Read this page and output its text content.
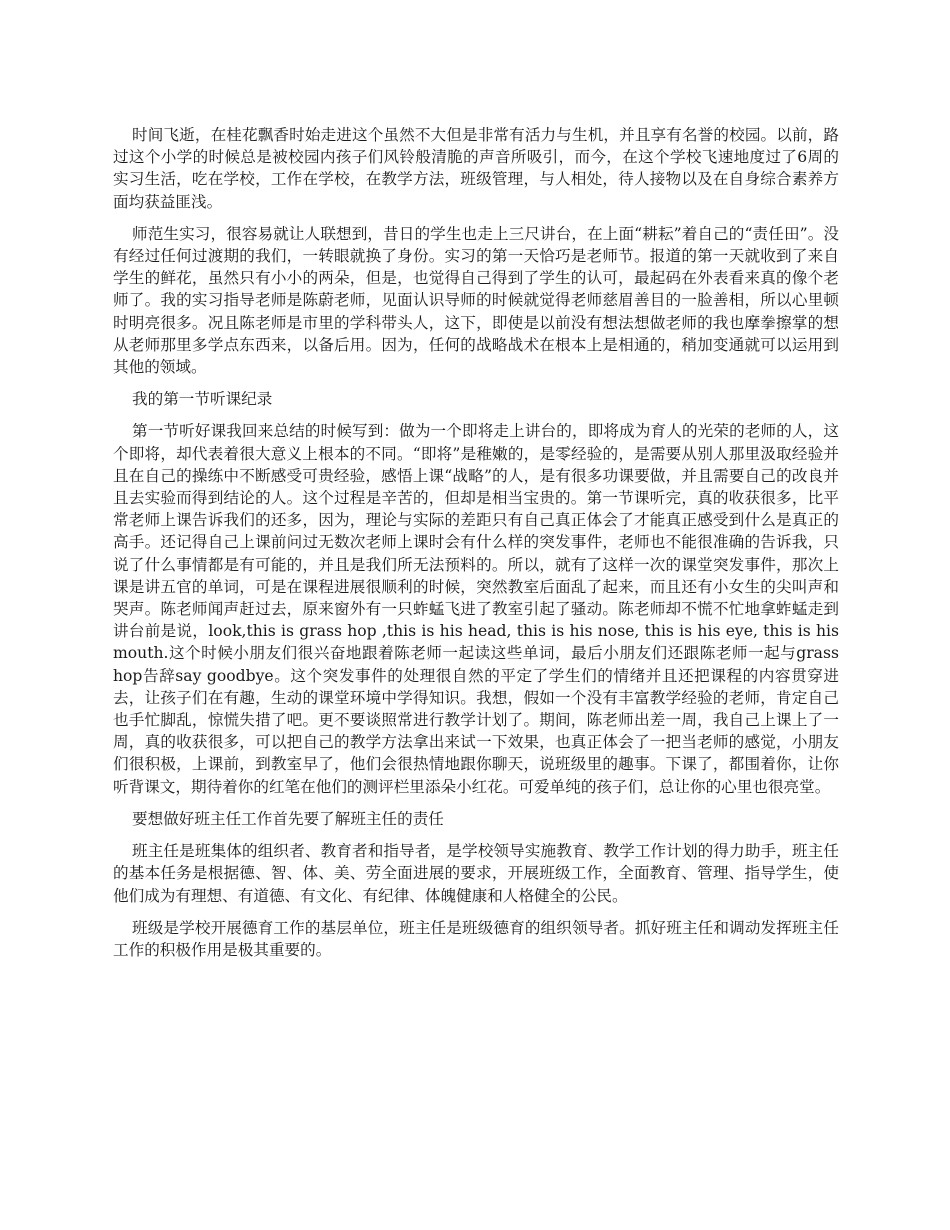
时间飞逝，在桂花飘香时始走进这个虽然不大但是非常有活力与生机，并且享有名誉的校园。以前，路过这个小学的时候总是被校园内孩子们风铃般清脆的声音所吸引，而今，在这个学校飞速地度过了6周的实习生活，吃在学校，工作在学校，在教学方法，班级管理，与人相处，待人接物以及在自身综合素养方面均获益匪浅。

师范生实习，很容易就让人联想到，昔日的学生也走上三尺讲台，在上面“耕耘”着自己的“责任田”。没有经过任何过渡期的我们，一转眼就换了身份。实习的第一天恰巧是老师节。报道的第一天就收到了来自学生的鲜花，虽然只有小小的两朵，但是，也觉得自己得到了学生的认可，最起码在外表看来真的像个老师了。我的实习指导老师是陈蔚老师，见面认识导师的时候就觉得老师慈眉善目的一脸善相，所以心里顿时明亮很多。况且陈老师是市里的学科带头人，这下，即使是以前没有想法想做老师的我也摩拳擦掌的想从老师那里多学点东西来，以备后用。因为，任何的战略战术在根本上是相通的，稍加变通就可以运用到其他的领域。

我的第一节听课纪录

第一节听好课我回来总结的时候写到：做为一个即将走上讲台的，即将成为育人的光荣的老师的人，这个即将，却代表着很大意义上根本的不同。“即将”是稚嫩的，是零经验的，是需要从别人那里汲取经验并且在自己的操练中不断感受可贵经验，感悟上课“战略”的人，是有很多功课要做，并且需要自己的改良并且去实验而得到结论的人。这个过程是辛苦的，但却是相当宝贵的。第一节课听完，真的收获很多，比平常老师上课告诉我们的还多，因为，理论与实际的差距只有自己真正体会了才能真正感受到什么是真正的高手。还记得自己上课前问过无数次老师上课时会有什么样的突发事件，老师也不能很准确的告诉我，只说了什么事情都是有可能的，并且是我们所无法预料的。所以，就有了这样一次的课堂突发事件，那次上课是讲五官的单词，可是在课程进展很顺利的时候，突然教室后面乱了起来，而且还有小女生的尖叫声和哭声。陈老师闻声赶过去，原来窗外有一只蚱蜢飞进了教室引起了骚动。陈老师却不慌不忙地拿蚱蜢走到讲台前是说，look,this is grass hop ,this is his head, this is his nose, this is his eye, this is his mouth.这个时候小朋友们很兴奋地跟着陈老师一起读这些单词，最后小朋友们还跟陈老师一起与grass hop告辞say goodbye。这个突发事件的处理很自然的平定了学生们的情绪并且还把课程的内容贯穿进去，让孩子们在有趣，生动的课堂环境中学得知识。我想，假如一个没有丰富教学经验的老师，肯定自己也手忙脚乱，惊慌失措了吧。更不要谈照常进行教学计划了。期间，陈老师出差一周，我自己上课上了一周，真的收获很多，可以把自己的教学方法拿出来试一下效果，也真正体会了一把当老师的感觉，小朋友们很积极，上课前，到教室早了，他们会很热情地跟你聊天，说班级里的趣事。下课了，都围着你，让你听背课文，期待着你的红笔在他们的测评栏里添朵小红花。可爱单纯的孩子们，总让你的心里也很亮堂。

要想做好班主任工作首先要了解班主任的责任

班主任是班集体的组织者、教育者和指导者，是学校领导实施教育、教学工作计划的得力助手，班主任的基本任务是根据德、智、体、美、劳全面进展的要求，开展班级工作，全面教育、管理、指导学生，使他们成为有理想、有道德、有文化、有纪律、体魄健康和人格健全的公民。

班级是学校开展德育工作的基层单位，班主任是班级德育的组织领导者。抓好班主任和调动发挥班主任工作的积极作用是极其重要的。
